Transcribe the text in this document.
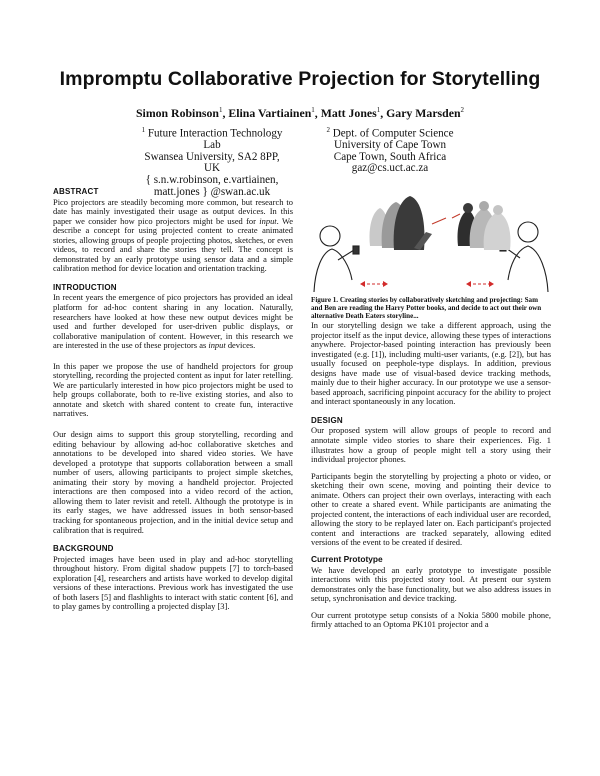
Impromptu Collaborative Projection for Storytelling
Simon Robinson$^1$, Elina Vartiainen$^1$, Matt Jones$^1$, Gary Marsden$^2$
$^1$ Future Interaction Technology Lab
Swansea University, SA2 8PP, UK
{ s.n.w.robinson, e.vartiainen,
matt.jones } @swan.ac.uk
$^2$ Dept. of Computer Science
University of Cape Town
Cape Town, South Africa
gaz@cs.uct.ac.za
ABSTRACT

Pico projectors are steadily becoming more common, but research to date has mainly investigated their usage as output devices. In this paper we consider how pico projectors might be used for input. We describe a concept for using projected content to create animated stories, allowing groups of people projecting photos, sketches, or even videos, to record and share the stories they tell. The concept is demonstrated by an early prototype using sensor data and a simple calibration method for device location and orientation tracking.

INTRODUCTION

In recent years the emergence of pico projectors has provided an ideal platform for ad-hoc content sharing in any location. Naturally, researchers have looked at how these new output devices might be used and further developed for user-driven public displays, or collaborative manipulation of content. However, in this research we are interested in the use of these projectors as input devices.

In this paper we propose the use of handheld projectors for group storytelling, recording the projected content as input for later retelling. We are particularly interested in how pico projectors might be used to help groups collaborate, both to re-live existing stories, and also to annotate and sketch with shared content to create fun, interactive narratives.

Our design aims to support this group storytelling, recording and editing behaviour by allowing ad-hoc collaborative sketches and annotations to be developed into shared video stories. We have developed a prototype that supports collaboration between a small number of users, allowing participants to project simple sketches, animating their story by moving a handheld projector. Projected interactions are then composed into a video record of the action, allowing them to later revisit and retell. Although the prototype is in its early stages, we have addressed issues in both sensor-based tracking for spontaneous projection, and in the initial device setup and calibration that is required.

BACKGROUND

Projected images have been used in play and ad-hoc storytelling throughout history. From digital shadow puppets [7] to torch-based exploration [4], researchers and artists have worked to develop digital versions of these interactions. Previous work has investigated the use of both lasers [5] and flashlights to interact with static content [6], and to play games by controlling a projected display [3].

Figure 1. Creating stories by collaboratively sketching and projecting: Sam and Ben are reading the Harry Potter books, and decide to act out their own alternative Death Eaters storyline...

In our storytelling design we take a different approach, using the projector itself as the input device, allowing these types of interactions anywhere. Projector-based pointing interaction has previously been investigated (e.g. [1]), including multi-user variants, (e.g. [2]), but has usually focused on peephole-type displays. In addition, previous designs have made use of visual-based device tracking methods, mainly due to their higher accuracy. In our prototype we use a sensor-based approach, sacrificing pinpoint accuracy for the ability to project and interact spontaneously in any location.

DESIGN

Our proposed system will allow groups of people to record and annotate simple video stories to share their experiences. Fig. 1 illustrates how a group of people might tell a story using their individual projector phones.

Participants begin the storytelling by projecting a photo or video, or sketching their own scene, moving and pointing their device to animate. Others can project their own overlays, interacting with each other to create a shared event. While participants are animating the projected content, the interactions of each individual user are recorded, allowing the story to be replayed later on. Each participant's projected content and interactions are tracked separately, allowing edited versions of the event to be created if desired.

Current Prototype

We have developed an early prototype to investigate possible interactions with this projected story tool. At present our system demonstrates only the base functionality, but we also address issues in setup, synchronisation and device tracking.

Our current prototype setup consists of a Nokia 5800 mobile phone, firmly attached to an Optoma PK101 projector and a
